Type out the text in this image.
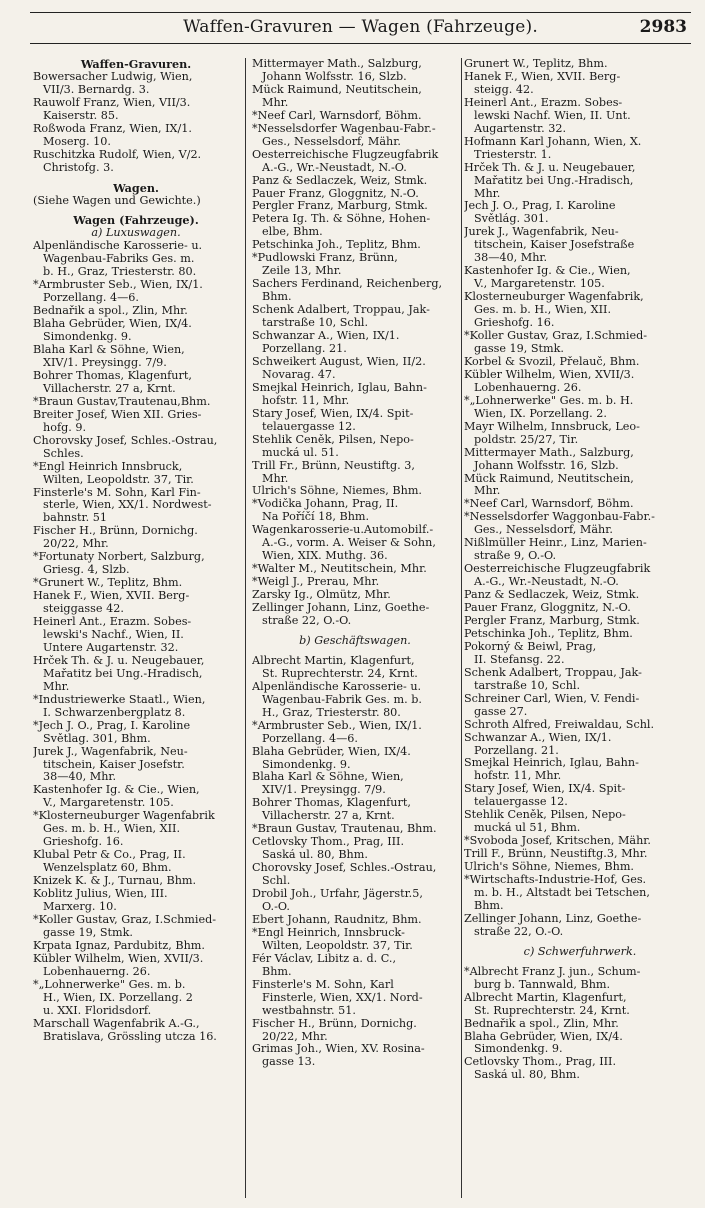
Waffen-Gravuren — Wagen (Fahrzeuge).	2983
Waffen-Gravuren.
Bowersacher Ludwig, Wien,
VII/3. Bernardg. 3.
Rauwolf Franz, Wien, VII/3.
Kaiserstr. 85.
Roßwoda Franz, Wien, IX/1.
Moserg. 10.
Ruschitzka Rudolf, Wien, V/2.
Christofg. 3.
Wagen.
(Siehe Wagen und Gewichte.)
Wagen (Fahrzeuge).
a) Luxuswagen.
Alpenländische Karosserie- u.
Wagenbau-Fabriks Ges. m.
b. H., Graz, Triesterstr. 80.
*Armbruster Seb., Wien, IX/1.
Porzellang. 4—6.
Bednařik a spol., Zlin, Mhr.
Blaha Gebrüder, Wien, IX/4.
Simondenkg. 9.
Blaha Karl & Söhne, Wien,
XIV/1. Preysingg. 7/9.
Bohrer Thomas, Klagenfurt,
Villacherstr. 27 a, Krnt.
*Braun Gustav,Trautenau,Bhm.
Breiter Josef, Wien XII. Gries-
hofg. 9.
Chorovsky Josef, Schles.-Ostrau,
Schles.
*Engl Heinrich Innsbruck,
Wilten, Leopoldstr. 37, Tir.
Finsterle's M. Sohn, Karl Fin-
sterle, Wien, XX/1. Nordwest-
bahnstr. 51
Fischer H., Brünn, Dornichg.
20/22, Mhr.
*Fortunaty Norbert, Salzburg,
Griesg. 4, Slzb.
*Grunert W., Teplitz, Bhm.
Hanek F., Wien, XVII. Berg-
steiggasse 42.
Heinerl Ant., Erazm. Sobes-
lewski's Nachf., Wien, II.
Untere Augartenstr. 32.
Hrček Th. & J. u. Neugebauer,
Mařatitz bei Ung.-Hradisch,
Mhr.
*Industriewerke Staatl., Wien,
I. Schwarzenbergplatz 8.
*Jech J. O., Prag, I. Karoline
Světlag. 301, Bhm.
Jurek J., Wagenfabrik, Neu-
titschein, Kaiser Josefstr.
38—40, Mhr.
Kastenhofer Ig. & Cie., Wien,
V., Margaretenstr. 105.
*Klosterneuburger Wagenfabrik
Ges. m. b. H., Wien, XII.
Grieshofg. 16.
Klubal Petr & Co., Prag, II.
Wenzelsplatz 60, Bhm.
Knizek K. & J., Turnau, Bhm.
Koblitz Julius, Wien, III.
Marxerg. 10.
*Koller Gustav, Graz, I.Schmied-
gasse 19, Stmk.
Krpata Ignaz, Pardubitz, Bhm.
Kübler Wilhelm, Wien, XVII/3.
Lobenhauerng. 26.
*„Lohnerwerke" Ges. m. b.
H., Wien, IX. Porzellang. 2
u. XXI. Floridsdorf.
Marschall Wagenfabrik A.-G.,
Bratislava, Grössling utcza 16.
Mittermayer Math., Salzburg,
Johann Wolfsstr. 16, Slzb.
Mück Raimund, Neutitschein,
Mhr.
*Neef Carl, Warnsdorf, Böhm.
*Nesselsdorfer Wagenbau-Fabr.-
Ges., Nesselsdorf, Mähr.
Oesterreichische Flugzeugfabrik
A.-G., Wr.-Neustadt, N.-Ö.
Panz & Sedlaczek, Weiz, Stmk.
Pauer Franz, Gloggnitz, N.-Ö.
Pergler Franz, Marburg, Stmk.
Petera Ig. Th. & Söhne, Hohen-
elbe, Bhm.
Petschinka Joh., Teplitz, Bhm.
*Pudlowski Franz, Brünn,
Zeile 13, Mhr.
Sachers Ferdinand, Reichenberg,
Bhm.
Schenk Adalbert, Troppau, Jak-
tarstraße 10, Schl.
Schwanzar A., Wien, IX/1.
Porzellang. 21.
Schweikert August, Wien, II/2.
Novarag. 47.
Smejkal Heinrich, Iglau, Bahn-
hofstr. 11, Mhr.
Stary Josef, Wien, IX/4. Spit-
telauergasse 12.
Stehlik Čeněk, Pilsen, Nepo-
mucká ul. 51.
Trill Fr., Brünn, Neustiftg. 3,
Mhr.
Ulrich's Söhne, Niemes, Bhm.
*Vodička Johann, Prag, II.
Na Poříčí 18, Bhm.
Wagenkarosserie-u.Automobilf.-
A.-G., vorm. A. Weiser & Sohn,
Wien, XIX. Muthg. 36.
*Walter M., Neutitschein, Mhr.
*Weigl J., Prerau, Mhr.
Žarsky Ig., Olmütz, Mhr.
Zellinger Johann, Linz, Goethe-
straße 22, O.-Ö.
b) Geschäftswagen.
Albrecht Martin, Klagenfurt,
St. Ruprechterstr. 24, Krnt.
Alpenländische Karosserie- u.
Wagenbau-Fabrik Ges. m. b.
H., Graz, Triesterstr. 80.
*Armbruster Seb., Wien, IX/1.
Porzellang. 4—6.
Blaha Gebrüder, Wien, IX/4.
Simondenkg. 9.
Blaha Karl & Söhne, Wien,
XIV/1. Preysingg. 7/9.
Bohrer Thomas, Klagenfurt,
Villacherstr. 27 a, Krnt.
*Braun Gustav, Trautenau, Bhm.
Cetlovsky Thom., Prag, III.
Saská ul. 80, Bhm.
Chorovsky Josef, Schles.-Ostrau,
Schl.
Drobil Joh., Urfahr, Jägerstr.5,
O.-Ö.
Ebert Johann, Raudnitz, Bhm.
*Engl Heinrich, Innsbruck-
Wilten, Leopoldstr. 37, Tir.
Fér Václav, Libitz a. d. C.,
Bhm.
Finsterle's M. Sohn, Karl
Finsterle, Wien, XX/1. Nord-
westbahnstr. 51.
Fischer H., Brünn, Dornichg.
20/22, Mhr.
Grimas Joh., Wien, XV. Rosina-
gasse 13.
Grunert W., Teplitz, Bhm.
Hanek F., Wien, XVII. Berg-
steigg. 42.
Heinerl Ant., Erazm. Sobes-
lewski Nachf. Wien, II. Unt.
Augartenstr. 32.
Hofmann Karl Johann, Wien, X.
Triesterstr. 1.
Hrček Th. & J. u. Neugebauer,
Mařatitz bei Ung.-Hradisch,
Mhr.
Jech J. O., Prag, I. Karoline
Světlág. 301.
Jurek J., Wagenfabrik, Neu-
titschein, Kaiser Josefstraße
38—40, Mhr.
Kastenhofer Ig. & Cie., Wien,
V., Margaretenstr. 105.
Klosterneuburger Wagenfabrik,
Ges. m. b. H., Wien, XII.
Grieshofg. 16.
*Koller Gustav, Graz, I.Schmied-
gasse 19, Stmk.
Korbel & Svozil, Přelauč, Bhm.
Kübler Wilhelm, Wien, XVII/3.
Lobenhauerng. 26.
*„Lohnerwerke" Ges. m. b. H.
Wien, IX. Porzellang. 2.
Mayr Wilhelm, Innsbruck, Leo-
poldstr. 25/27, Tir.
Mittermayer Math., Salzburg,
Johann Wolfsstr. 16, Slzb.
Mück Raimund, Neutitschein,
Mhr.
*Neef Carl, Warnsdorf, Böhm.
*Nesselsdorfer Waggonbau-Fabr.-
Ges., Nesselsdorf, Mähr.
Nißlmüller Heinr., Linz, Marien-
straße 9, O.-Ö.
Oesterreichische Flugzeugfabrik
A.-G., Wr.-Neustadt, N.-Ö.
Panz & Sedlaczek, Weiz, Stmk.
Pauer Franz, Gloggnitz, N.-Ö.
Pergler Franz, Marburg, Stmk.
Petschinka Joh., Teplitz, Bhm.
Pokorný & Beiwl, Prag,
II. Stefansg. 22.
Schenk Adalbert, Troppau, Jak-
tarstraße 10, Schl.
Schreiner Carl, Wien, V. Fendi-
gasse 27.
Schroth Alfred, Freiwaldau, Schl.
Schwanzar A., Wien, IX/1.
Porzellang. 21.
Smejkal Heinrich, Iglau, Bahn-
hofstr. 11, Mhr.
Stary Josef, Wien, IX/4. Spit-
telauergasse 12.
Stehlik Čeněk, Pilsen, Nepo-
mucká ul 51, Bhm.
*Svoboda Josef, Kritschen, Mähr.
Trill F., Brünn, Neustiftg.3, Mhr.
Ulrich's Söhne, Niemes, Bhm.
*Wirtschafts-Industrie-Hof, Ges.
m. b. H., Altstadt bei Tetschen,
Bhm.
Zellinger Johann, Linz, Goethe-
straße 22, O.-Ö.
c) Schwerfuhrwerk.
*Albrecht Franz J. jun., Schum-
burg b. Tannwald, Bhm.
Albrecht Martin, Klagenfurt,
St. Ruprechterstr. 24, Krnt.
Bednařik a spol., Zlin, Mhr.
Blaha Gebrüder, Wien, IX/4.
Simondenkg. 9.
Cetlovsky Thom., Prag, III.
Saská ul. 80, Bhm.
